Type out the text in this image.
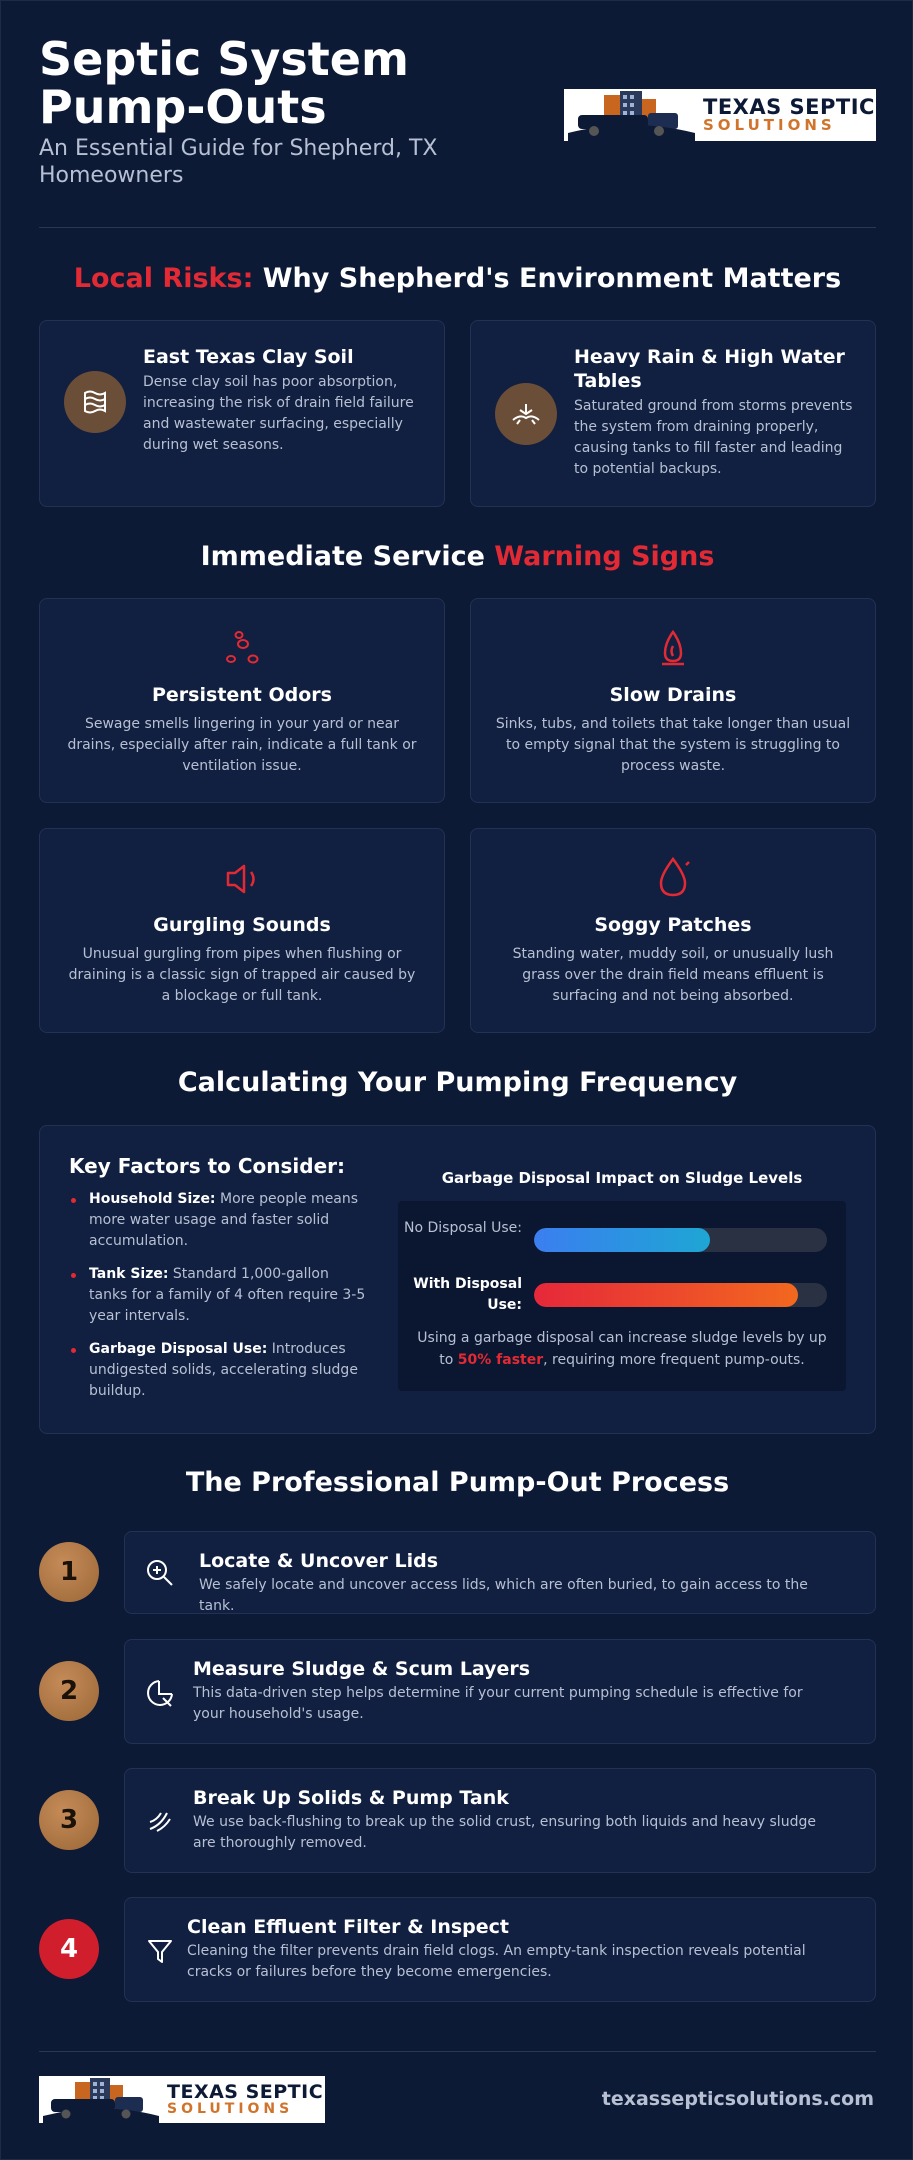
Septic System Pump-Outs
An Essential Guide for Shepherd, TX Homeowners
TEXAS SEPTIC
SOLUTIONS
Local Risks: Why Shepherd's Environment Matters
East Texas Clay Soil
Dense clay soil has poor absorption, increasing the risk of drain field failure and wastewater surfacing, especially during wet seasons.
Heavy Rain & High Water Tables
Saturated ground from storms prevents the system from draining properly, causing tanks to fill faster and leading to potential backups.
Immediate Service Warning Signs
Persistent Odors
Sewage smells lingering in your yard or near drains, especially after rain, indicate a full tank or ventilation issue.
Slow Drains
Sinks, tubs, and toilets that take longer than usual to empty signal that the system is struggling to process waste.
Gurgling Sounds
Unusual gurgling from pipes when flushing or draining is a classic sign of trapped air caused by a blockage or full tank.
Soggy Patches
Standing water, muddy soil, or unusually lush grass over the drain field means effluent is surfacing and not being absorbed.
Calculating Your Pumping Frequency
Key Factors to Consider:
Household Size: More people means more water usage and faster solid accumulation.
Tank Size: Standard 1,000-gallon tanks for a family of 4 often require 3-5 year intervals.
Garbage Disposal Use: Introduces undigested solids, accelerating sludge buildup.
Garbage Disposal Impact on Sludge Levels
No Disposal Use:
With Disposal Use:
Using a garbage disposal can increase sludge levels by up to 50% faster, requiring more frequent pump-outs.
The Professional Pump-Out Process
1	Locate & Uncover Lids
We safely locate and uncover access lids, which are often buried, to gain access to the tank.
2
Measure Sludge & Scum Layers
This data-driven step helps determine if your current pumping schedule is effective for your household's usage.
3
Break Up Solids & Pump Tank
We use back-flushing to break up the solid crust, ensuring both liquids and heavy sludge are thoroughly removed.
4
Clean Effluent Filter & Inspect
Cleaning the filter prevents drain field clogs. An empty-tank inspection reveals potential cracks or failures before they become emergencies.
TEXAS SEPTIC
SOLUTIONS	texassepticsolutions.com
